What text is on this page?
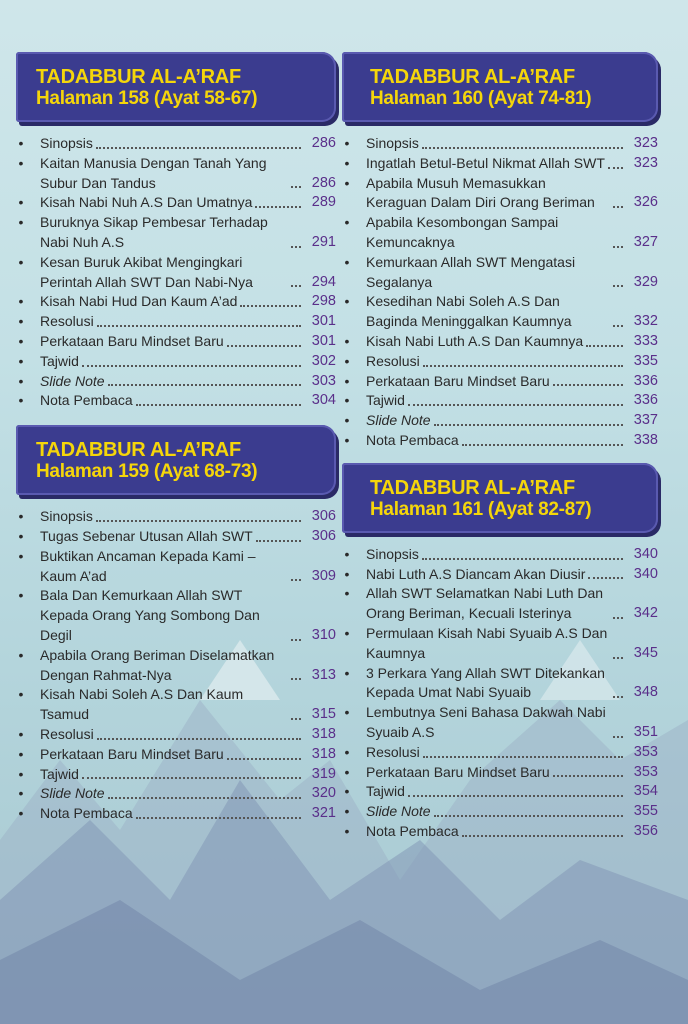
TADABBUR AL-A’RAF
Halaman 158 (Ayat 58-67)
•	Sinopsis	286
•	Kaitan Manusia Dengan Tanah Yang Subur Dan Tandus	286
•	Kisah Nabi Nuh A.S Dan Umatnya	289
•	Buruknya Sikap Pembesar Terhadap Nabi Nuh A.S	291
•	Kesan Buruk Akibat Mengingkari Perintah Allah SWT Dan Nabi-Nya	294
•	Kisah Nabi Hud Dan Kaum A’ad	298
•	Resolusi	301
•	Perkataan Baru Mindset Baru	301
•	Tajwid	302
•	Slide Note	303
•	Nota Pembaca	304
TADABBUR AL-A’RAF
Halaman 159 (Ayat 68-73)
•	Sinopsis	306
•	Tugas Sebenar Utusan Allah SWT	306
•	Buktikan Ancaman Kepada Kami – Kaum A’ad	309
•	Bala Dan Kemurkaan Allah SWT Kepada Orang Yang Sombong Dan Degil	310
•	Apabila Orang Beriman Diselamatkan Dengan Rahmat-Nya	313
•	Kisah Nabi Soleh A.S Dan Kaum Tsamud	315
•	Resolusi	318
•	Perkataan Baru Mindset Baru	318
•	Tajwid	319
•	Slide Note	320
•	Nota Pembaca	321
TADABBUR AL-A’RAF
Halaman 160 (Ayat 74-81)
•	Sinopsis	323
•	Ingatlah Betul-Betul Nikmat Allah SWT	323
•	Apabila Musuh Memasukkan Keraguan Dalam Diri Orang Beriman	326
•	Apabila Kesombongan Sampai Kemuncaknya	327
•	Kemurkaan Allah SWT Mengatasi Segalanya	329
•	Kesedihan Nabi Soleh A.S Dan Baginda Meninggalkan Kaumnya	332
•	Kisah Nabi Luth A.S Dan Kaumnya	333
•	Resolusi	335
•	Perkataan Baru Mindset Baru	336
•	Tajwid	336
•	Slide Note	337
•	Nota Pembaca	338
TADABBUR AL-A’RAF
Halaman 161 (Ayat 82-87)
•	Sinopsis	340
•	Nabi Luth A.S Diancam Akan Diusir	340
•	Allah SWT Selamatkan Nabi Luth Dan Orang Beriman, Kecuali Isterinya	342
•	Permulaan Kisah Nabi Syuaib A.S Dan Kaumnya	345
•	3 Perkara Yang Allah SWT Ditekankan Kepada Umat Nabi Syuaib	348
•	Lembutnya Seni Bahasa Dakwah Nabi Syuaib A.S	351
•	Resolusi	353
•	Perkataan Baru Mindset Baru	353
•	Tajwid	354
•	Slide Note	355
•	Nota Pembaca	356
